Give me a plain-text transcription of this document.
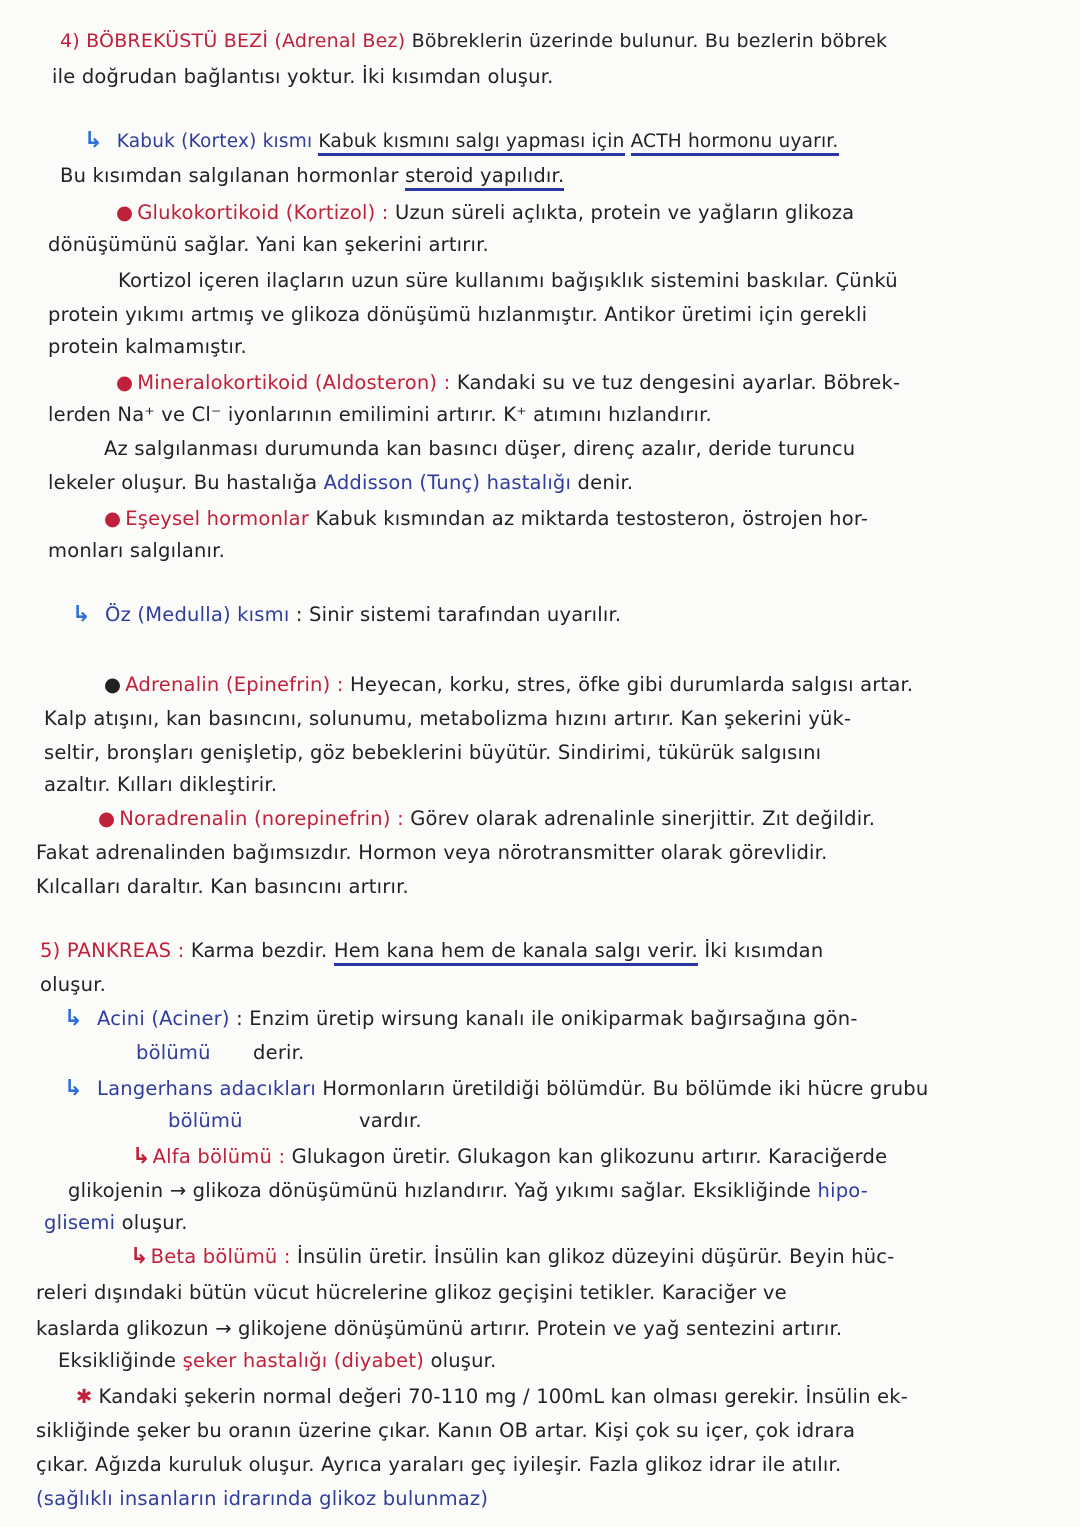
4) BÖBREKÜSTÜ BEZİ (Adrenal Bez) Böbreklerin üzerinde bulunur. Bu bezlerin böbrek
ile doğrudan bağlantısı yoktur. İki kısımdan oluşur.
↳ Kabuk (Kortex) kısmı Kabuk kısmını salgı yapması için ACTH hormonu uyarır.
Bu kısımdan salgılanan hormonlar steroid yapılıdır.
● Glukokortikoid (Kortizol) : Uzun süreli açlıkta, protein ve yağların glikoza
dönüşümünü sağlar. Yani kan şekerini artırır.
Kortizol içeren ilaçların uzun süre kullanımı bağışıklık sistemini baskılar. Çünkü
protein yıkımı artmış ve glikoza dönüşümü hızlanmıştır. Antikor üretimi için gerekli
protein kalmamıştır.
● Mineralokortikoid (Aldosteron) : Kandaki su ve tuz dengesini ayarlar. Böbrek-
lerden Na⁺ ve Cl⁻ iyonlarının emilimini artırır. K⁺ atımını hızlandırır.
Az salgılanması durumunda kan basıncı düşer, direnç azalır, deride turuncu
lekeler oluşur. Bu hastalığa Addisson (Tunç) hastalığı denir.
● Eşeysel hormonlar Kabuk kısmından az miktarda testosteron, östrojen hor-
monları salgılanır.
↳ Öz (Medulla) kısmı : Sinir sistemi tarafından uyarılır.
● Adrenalin (Epinefrin) : Heyecan, korku, stres, öfke gibi durumlarda salgısı artar.
Kalp atışını, kan basıncını, solunumu, metabolizma hızını artırır. Kan şekerini yük-
seltir, bronşları genişletip, göz bebeklerini büyütür. Sindirimi, tükürük salgısını
azaltır. Kılları dikleştirir.
● Noradrenalin (norepinefrin) : Görev olarak adrenalinle sinerjittir. Zıt değildir.
Fakat adrenalinden bağımsızdır. Hormon veya nörotransmitter olarak görevlidir.
Kılcalları daraltır. Kan basıncını artırır.
5) PANKREAS : Karma bezdir. Hem kana hem de kanala salgı verir. İki kısımdan
oluşur.
↳ Acini (Aciner) : Enzim üretip wirsung kanalı ile onikiparmak bağırsağına gön-
bölümü derir.
↳ Langerhans adacıkları Hormonların üretildiği bölümdür. Bu bölümde iki hücre grubu
bölümü	vardır.
↳ Alfa bölümü : Glukagon üretir. Glukagon kan glikozunu artırır. Karaciğerde
glikojenin → glikoza dönüşümünü hızlandırır. Yağ yıkımı sağlar. Eksikliğinde hipo-
glisemi oluşur.
↳ Beta bölümü : İnsülin üretir. İnsülin kan glikoz düzeyini düşürür. Beyin hüc-
releri dışındaki bütün vücut hücrelerine glikoz geçişini tetikler. Karaciğer ve
kaslarda glikozun → glikojene dönüşümünü artırır. Protein ve yağ sentezini artırır.
Eksikliğinde şeker hastalığı (diyabet) oluşur.
✱ Kandaki şekerin normal değeri 70-110 mg / 100mL kan olması gerekir. İnsülin ek-
sikliğinde şeker bu oranın üzerine çıkar. Kanın OB artar. Kişi çok su içer, çok idrara
çıkar. Ağızda kuruluk oluşur. Ayrıca yaraları geç iyileşir. Fazla glikoz idrar ile atılır.
(sağlıklı insanların idrarında glikoz bulunmaz)
